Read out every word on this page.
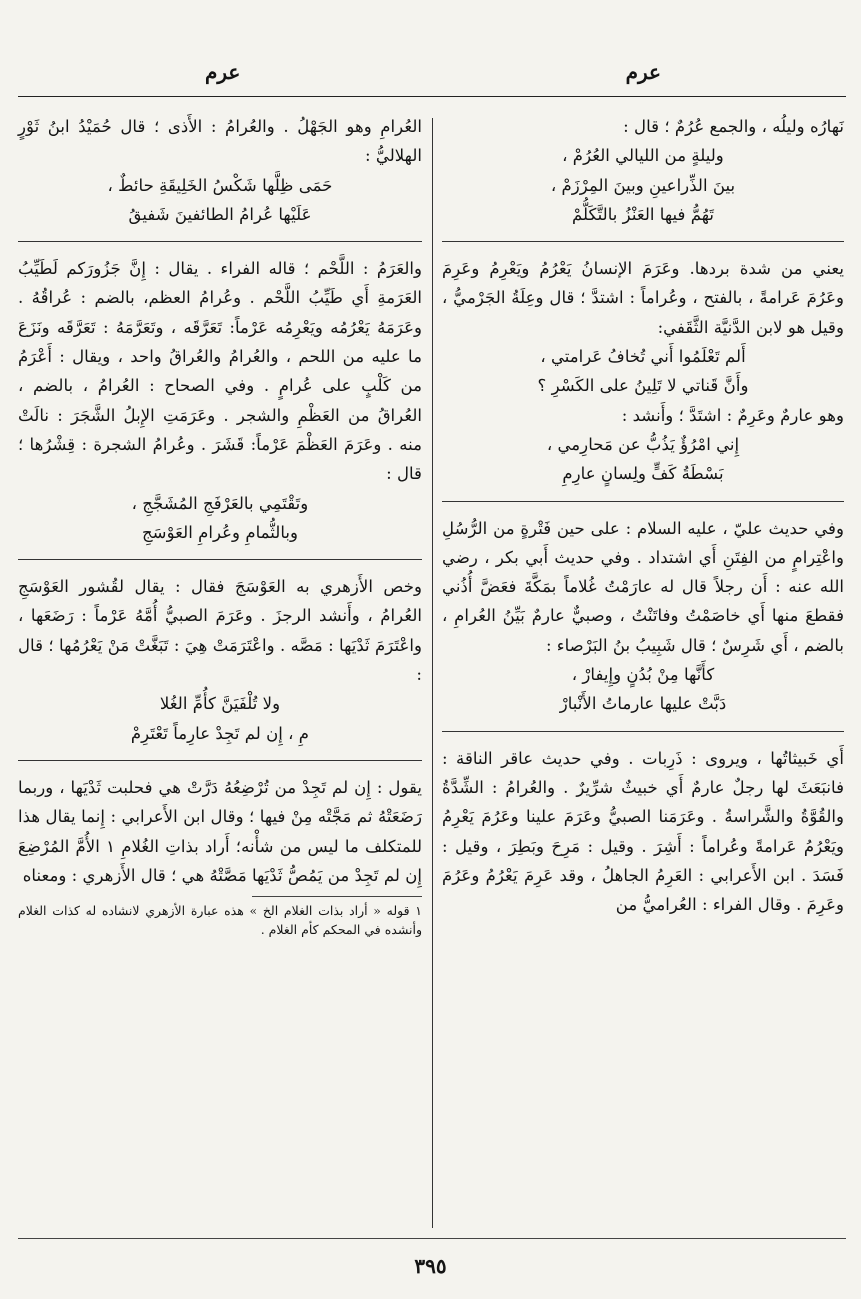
عرم
عرم

نَهارُه وليلُه ، والجمع عُرُمٌ ؛ قال :

وليلةٍ من الليالي العُرُمْ ،

بينَ الذِّراعينِ وبينَ المِرْزَمْ ،

تَهُمُّ فيها العَنْزُ بالتَّكَلُّمْ

يعني من شدة بردها. وعَرَمَ الإنسانُ يَعْرُمُ ويَعْرِمُ وعَرِمَ وعَرُمَ عَرامةً ، بالفتح ، وعُراماً : اشتدَّ ؛ قال وعِلَةُ الجَرْميُّ ، وقيل هو لابن الدَّنيَّة الثَّقَفي:

أَلم تَعْلَمُوا أَني تُخافُ عَرامتي ،

وأَنَّ قَناتي لا تَلِينُ على الكَسْرِ ؟

وهو عارمٌ وعَرِمٌ : اشتَدَّ ؛ وأَنشد :

إِني امْرُؤٌ يَذُبُّ عن مَحارِمي ،

بَسْطَةُ كَفٍّ ولِسانٍ عارِمِ

وفي حديث عليّ ، عليه السلام : على حين فَتْرةٍ من الرُّسُلِ واعْتِرامٍ من الفِتَنِ أَي اشتداد . وفي حديث أَبي بكر ، رضي الله عنه : أَن رجلاً قال له عارَمْتُ غُلاماً بمَكَّةَ فعَضَّ أُذُني فقطعَ منها أَي خاصَمْتُ وفاتَنْتُ ، وصبيٌّ عارمٌ بَيِّنُ العُرامِ ، بالضم ، أَي شَرِسٌ ؛ قال شَبِيبُ بنُ البَرْصاء :

كأَنَّها مِنْ بُدُنٍ وإِيفارْ ،

دَبَّتْ عليها عارماتُ الأَنْبارْ

أَي خَبيثاتُها ، ويروى : ذَرِبات . وفي حديث عاقر الناقة : فانبَعَثَ لها رجلٌ عارمٌ أَي خبيثٌ شرِّيرٌ . والعُرامُ : الشِّدَّةُ والقُوَّةُ والشَّراسةُ . وعَرَمَنا الصبيُّ وعَرَمَ علينا وعَرُمَ يَعْرِمُ ويَعْرُمُ عَرامةً وعُراماً : أَشِرَ . وقيل : مَرِحَ وبَطِرَ ، وقيل : فَسَدَ . ابن الأَعرابي : العَرِمُ الجاهلُ ، وقد عَرِمَ يَعْرُمُ وعَرُمَ وعَرِمَ . وقال الفراء : العُراميُّ من

العُرامِ وهو الجَهْلُ . والعُرامُ : الأَذى ؛ قال حُمَيْدُ ابنُ ثَوْرٍ الهلاليُّ :

حَمَى ظِلَّها شَكْسُ الخَلِيقَةِ حائطٌ ،

عَلَيْها عُرامُ الطائفينَ شَفيقُ

والعَرَمُ : اللَّحْم ؛ قاله الفراء . يقال : إِنَّ جَزُورَكم لَطَيِّبُ العَرَمةِ أَي طَيِّبُ اللَّحْم . وعُرامُ العظم، بالضم : عُراقُهُ . وعَرَمَهُ يَعْرُمُه ويَعْرِمُه عَرْماً: تَعَرَّقَه ، وتَعَرَّمَهُ : تَعَرَّقَه ونَزَعَ ما عليه من اللحم ، والعُرامُ والعُراقُ واحد ، ويقال : أَعْرَمُ من كَلْبٍ على عُرامٍ . وفي الصحاح : العُرامُ ، بالضم ، العُراقُ من العَظْمِ والشجر . وعَرَمَتِ الإِبلُ الشَّجَرَ : نالَتْ منه . وعَرَمَ العَظْمَ عَرْماً: قَشَرَ . وعُرامُ الشجرة : قِشْرُها ؛ قال :

وتَقْتَمِي بالعَرْفَجِ المُشَجَّجِ ،

وبالثُّمامِ وعُرامِ العَوْسَجِ

وخص الأَزهري به العَوْسَجَ فقال : يقال لقُشور العَوْسَجِ العُرامُ ، وأَنشد الرجزَ . وعَرَمَ الصبيُّ أُمَّهُ عَرْماً : رَضَعَها ، واعْتَرَمَ ثَدْيَها : مَصَّه . واعْتَرَمَتْ هِيَ : تَبَغَّتْ مَنْ يَعْرُمُها ؛ قال :

ولا تُلْفَيَنَّ كأُمِّ الغُلا

مِ ، إِن لم تَجِدْ عارِماً تَعْتَرِمْ

يقول : إِن لم تَجِدْ من تُرْضِعُهُ دَرَّتْ هي فحلبت ثَدْيَها ، وربما رَضَعَتْهُ ثم مَجَّتْه مِنْ فيها ؛ وقال ابن الأَعرابي : إِنما يقال هذا للمتكلف ما ليس من شأْنه؛ أَراد بذاتِ الغُلامِ ١ الأُمَّ المُرْضِعَ إِن لم تَجِدْ من يَمُصُّ ثَدْيَها مَصَّتْهُ هي ؛ قال الأَزهري : ومعناه

١ قوله « أراد بذات الغلام الخ » هذه عبارة الأزهري لانشاده له كذات الغلام وأنشده في المحكم كأم الغلام .

٣٩٥
